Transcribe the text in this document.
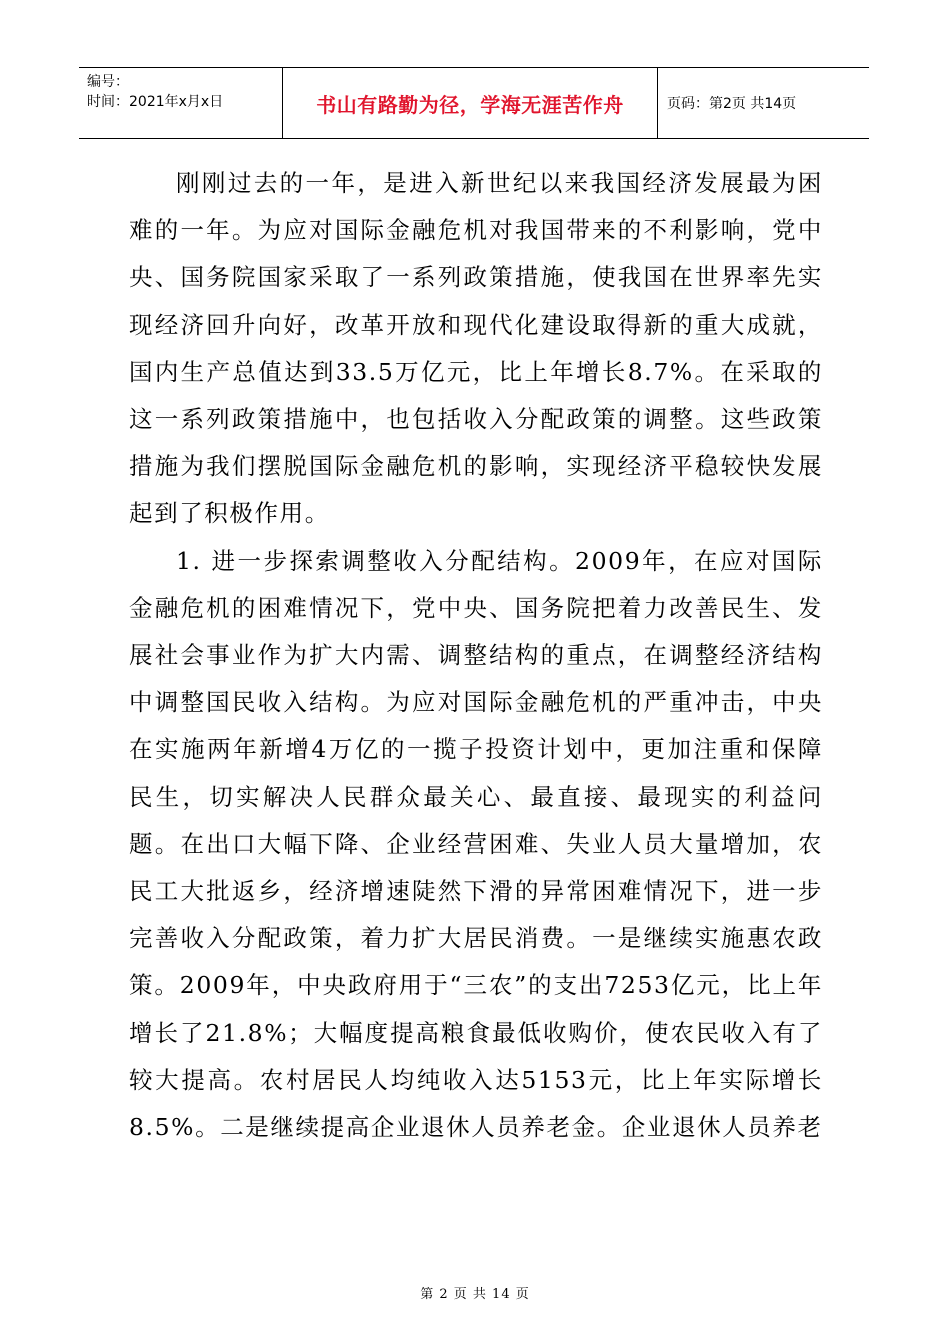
编号：
时间：2021年x月x日	书山有路勤为径，学海无涯苦作舟	页码：第2页 共14页

刚刚过去的一年，是进入新世纪以来我国经济发展最为困难的一年。为应对国际金融危机对我国带来的不利影响，党中央、国务院国家采取了一系列政策措施，使我国在世界率先实现经济回升向好，改革开放和现代化建设取得新的重大成就，国内生产总值达到33.5万亿元，比上年增长8.7%。在采取的这一系列政策措施中，也包括收入分配政策的调整。这些政策措施为我们摆脱国际金融危机的影响，实现经济平稳较快发展起到了积极作用。

1. 进一步探索调整收入分配结构。2009年，在应对国际金融危机的困难情况下，党中央、国务院把着力改善民生、发展社会事业作为扩大内需、调整结构的重点，在调整经济结构中调整国民收入结构。为应对国际金融危机的严重冲击，中央在实施两年新增4万亿的一揽子投资计划中，更加注重和保障民生，切实解决人民群众最关心、最直接、最现实的利益问题。在出口大幅下降、企业经营困难、失业人员大量增加，农民工大批返乡，经济增速陡然下滑的异常困难情况下，进一步完善收入分配政策，着力扩大居民消费。一是继续实施惠农政策。2009年，中央政府用于“三农”的支出7253亿元，比上年增长了21.8%；大幅度提高粮食最低收购价，使农民收入有了较大提高。农村居民人均纯收入达5153元，比上年实际增长8.5%。二是继续提高企业退休人员养老金。企业退休人员养老

第 2 页 共 14 页
